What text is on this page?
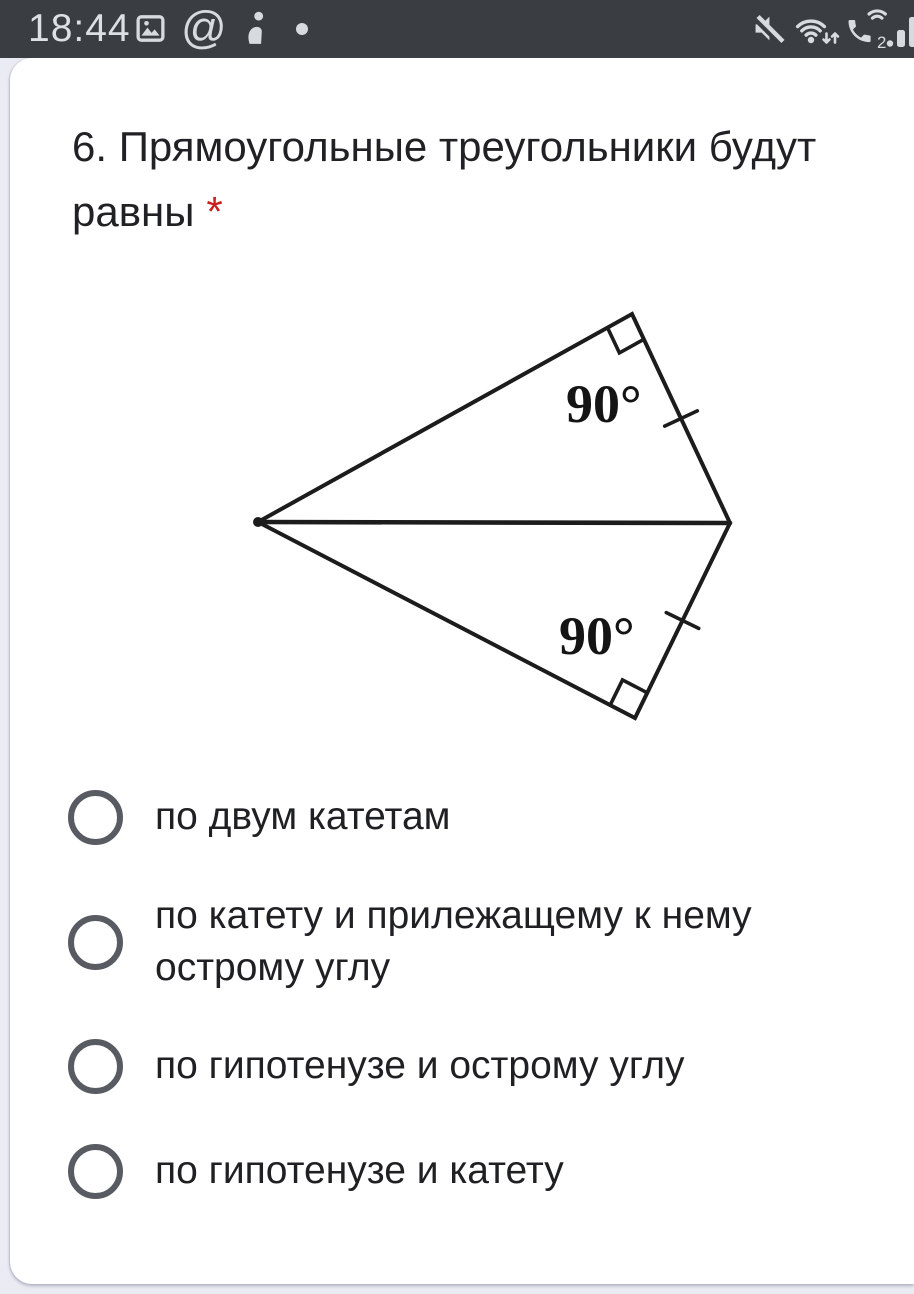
18:44 @	2
6. Прямоугольные треугольники будут равны *
90°
90°
по двум катетам
по катету и прилежащему к нему острому углу
по гипотенузе и острому углу
по гипотенузе и катету
